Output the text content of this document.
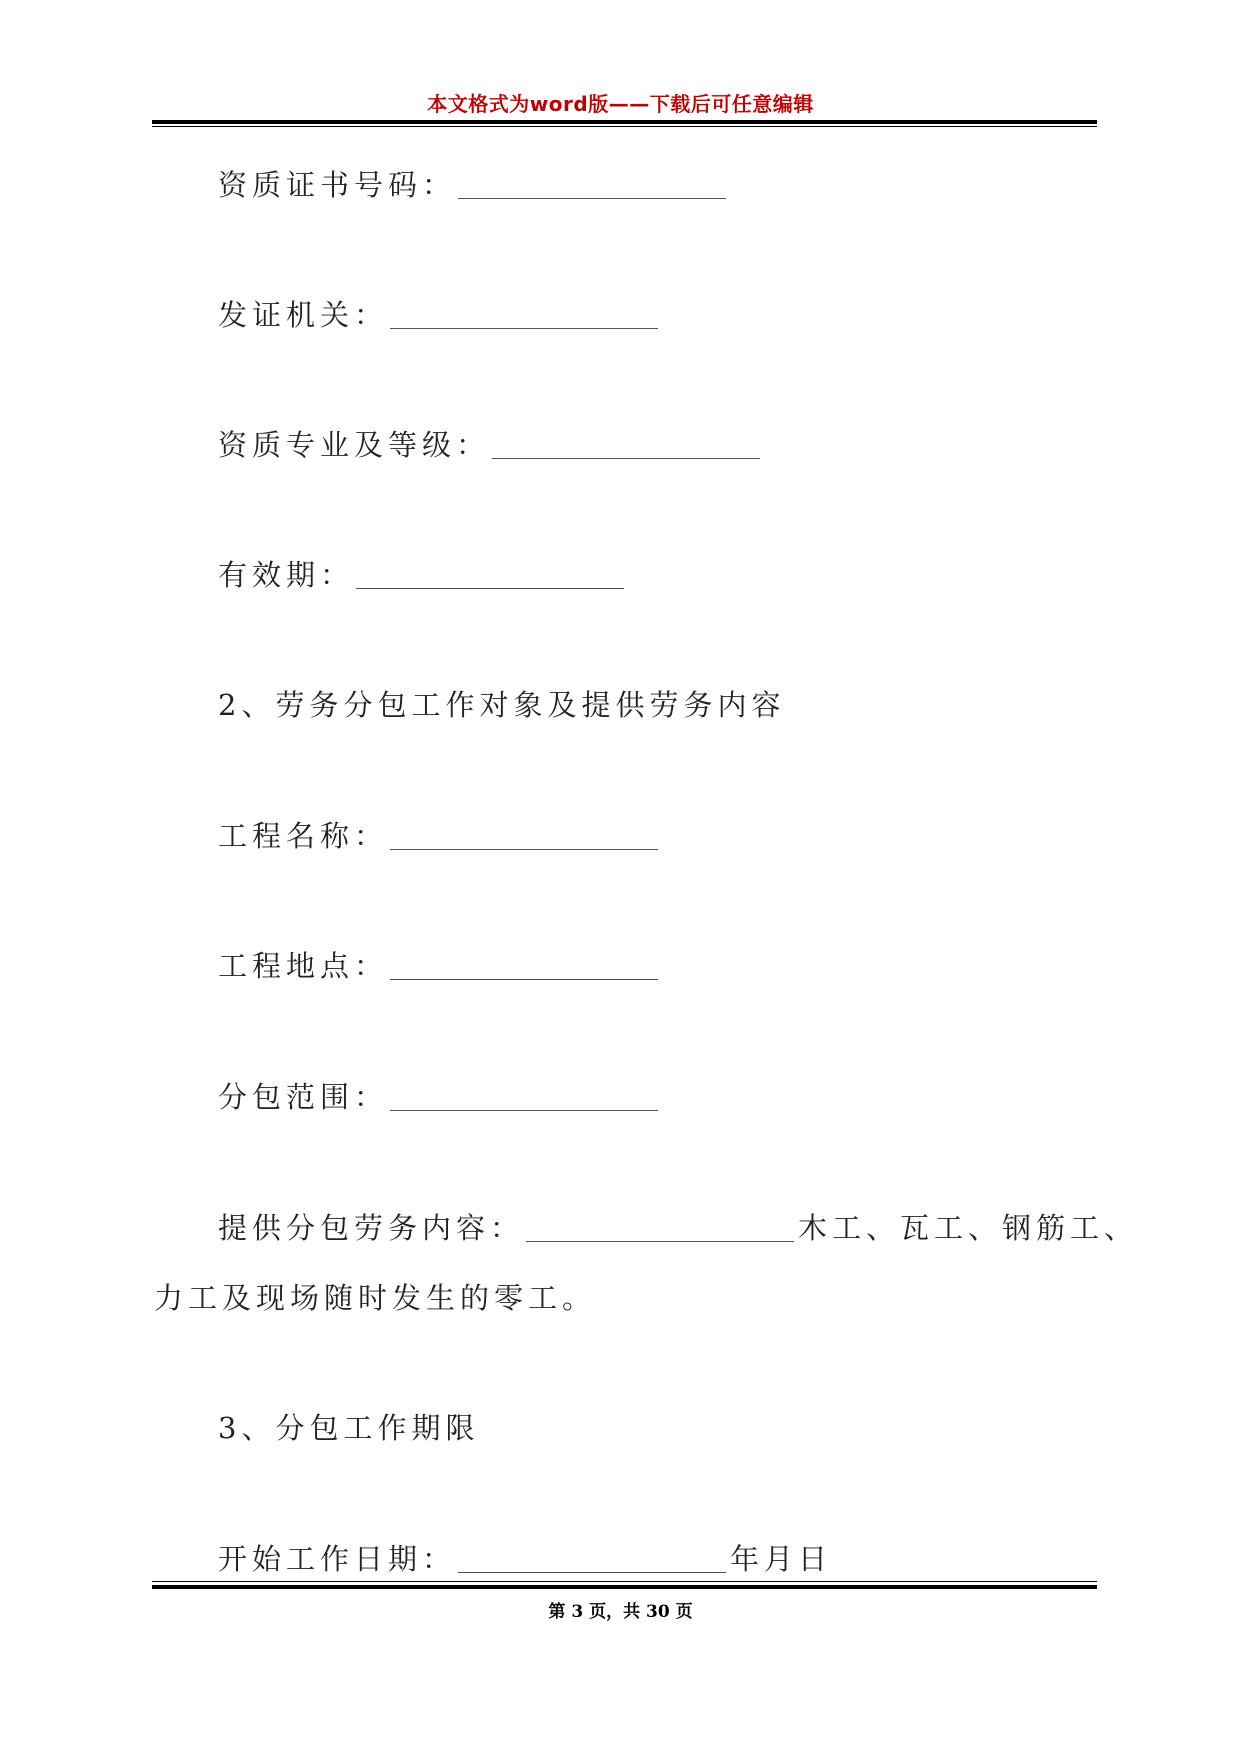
本文格式为word版——下载后可任意编辑
资质证书号码：
发证机关：
资质专业及等级：
有效期：
2、劳务分包工作对象及提供劳务内容
工程名称：
工程地点：
分包范围：
提供分包劳务内容：	木工、瓦工、钢筋工、
力工及现场随时发生的零工。
3、分包工作期限
开始工作日期：	年月日
第 3 页，共 30 页
